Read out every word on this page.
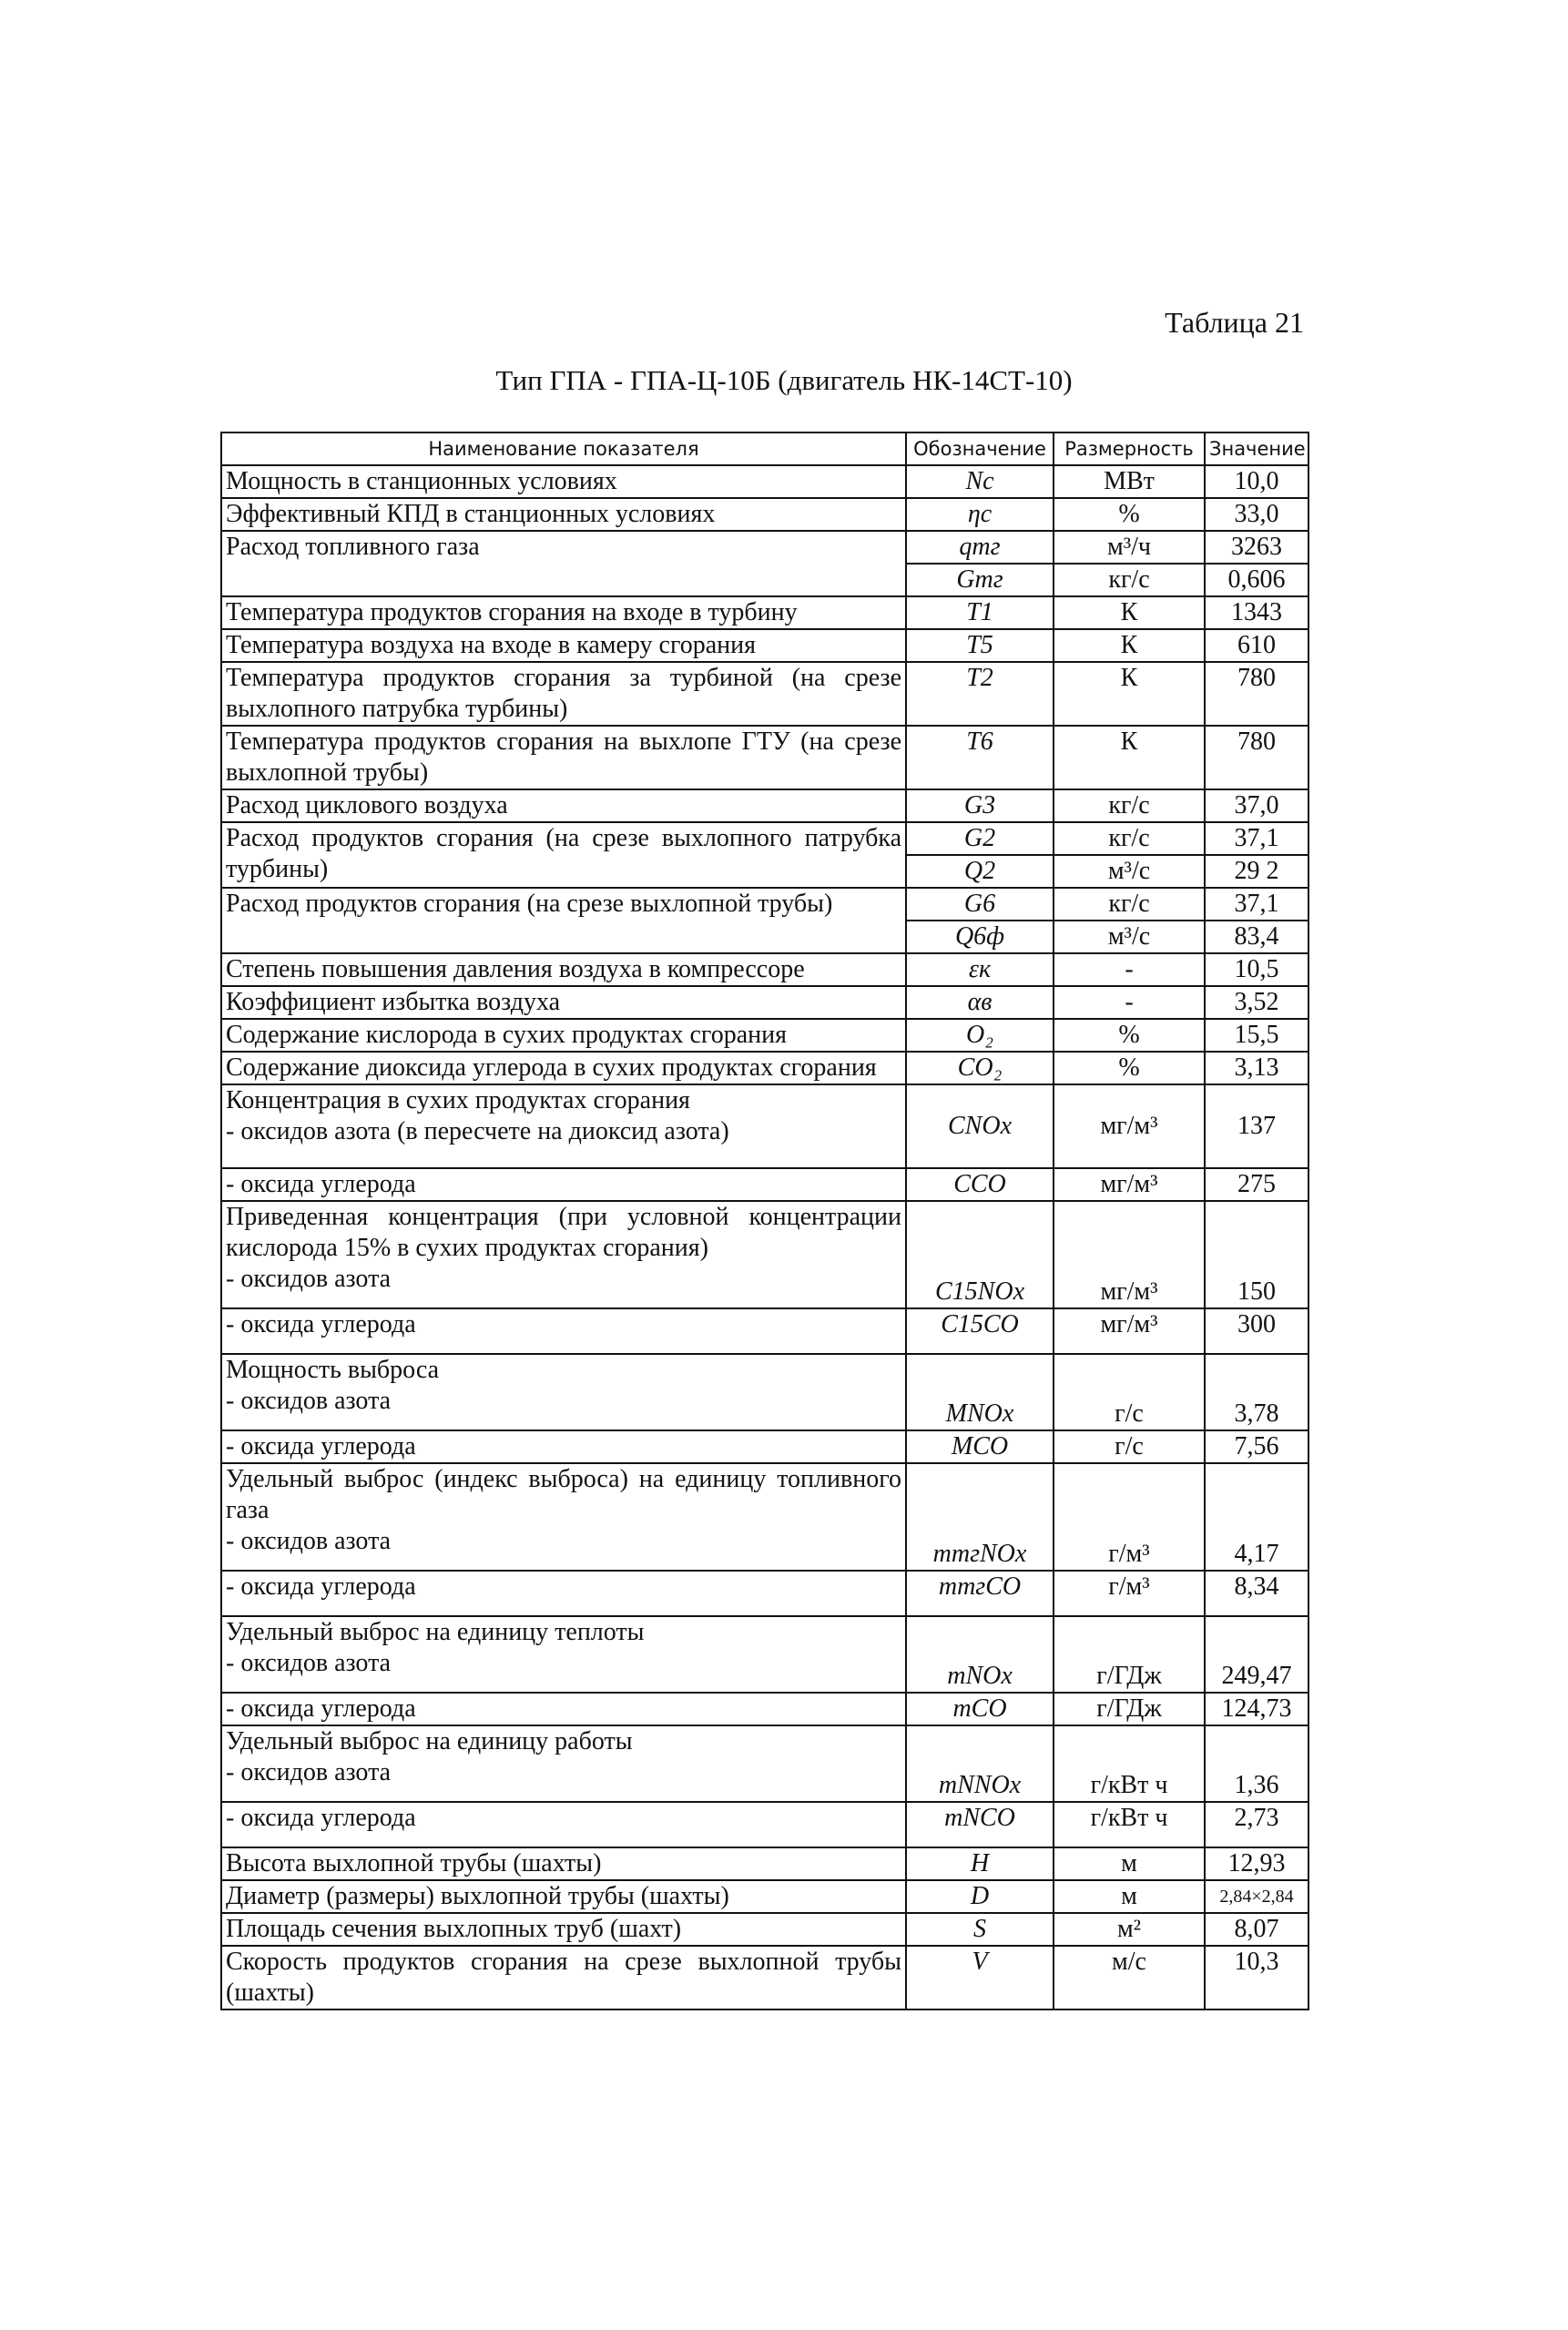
Таблица 21
Тип ГПА - ГПА-Ц-10Б (двигатель НК-14СТ-10)
Наименование показателя	Обозначение	Размерность	Значение
Мощность в станционных условиях	Nс	МВт	10,0
Эффективный КПД в станционных условиях	ηс	%	33,0
Расход топливного газа	qтг	м³/ч	3263
	Gтг	кг/с	0,606
Температура продуктов сгорания на входе в турбину	T1	К	1343
Температура воздуха на входе в камеру сгорания	T5	К	610
Температура продуктов сгорания за турбиной (на срезе выхлопного патрубка турбины)	T2	К	780
Температура продуктов сгорания на выхлопе ГТУ (на срезе выхлопной трубы)	T6	К	780
Расход циклового воздуха	G3	кг/с	37,0
Расход продуктов сгорания (на срезе выхлопного патрубка турбины)	G2	кг/с	37,1
	Q2	м³/с	29 2
Расход продуктов сгорания (на срезе выхлопной трубы)	G6	кг/с	37,1
	Q6ф	м³/с	83,4
Степень повышения давления воздуха в компрессоре	εк	-	10,5
Коэффициент избытка воздуха	αв	-	3,52
Содержание кислорода в сухих продуктах сгорания	O₂	%	15,5
Содержание диоксида углерода в сухих продуктах сгорания	CO₂	%	3,13

Концентрация в сухих продуктах сгорания
- оксидов азота (в пересчете на диоксид азота)	CNOx	мг/м³	137
- оксида углерода	CCO	мг/м³	275

Приведенная концентрация (при условной концентрации кислорода 15% в сухих продуктах сгорания)
- оксидов азота	C15NOx	мг/м³	150
- оксида углерода	C15CO	мг/м³	300

Мощность выброса
- оксидов азота	MNOx	г/с	3,78
- оксида углерода	MCO	г/с	7,56

Удельный выброс (индекс выброса) на единицу топливного газа
- оксидов азота	mтгNOx	г/м³	4,17
- оксида углерода	mтгCO	г/м³	8,34

Удельный выброс на единицу теплоты
- оксидов азота	mNOx	г/ГДж	249,47
- оксида углерода	mCO	г/ГДж	124,73

Удельный выброс на единицу работы
- оксидов азота	mNNOx	г/кВт ч	1,36
- оксида углерода	mNCO	г/кВт ч	2,73
Высота выхлопной трубы (шахты)	H	м	12,93
Диаметр (размеры) выхлопной трубы (шахты)	D	м	2,84×2,84
Площадь сечения выхлопных труб (шахт)	S	м²	8,07
Скорость продуктов сгорания на срезе выхлопной трубы (шахты)	V	м/с	10,3
